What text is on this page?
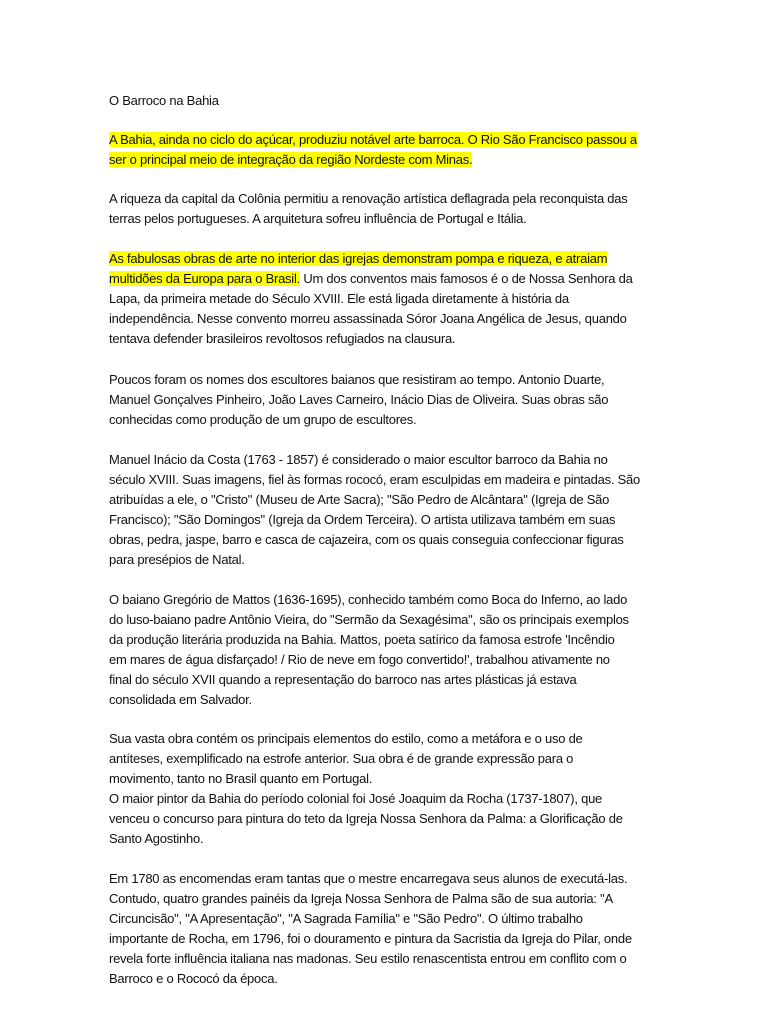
O Barroco na Bahia
A Bahia, ainda no ciclo do açúcar, produziu notável arte barroca. O Rio São Francisco passou a
ser o principal meio de integração da região Nordeste com Minas.
A riqueza da capital da Colônia permitiu a renovação artística deflagrada pela reconquista das
terras pelos portugueses. A arquitetura sofreu influência de Portugal e Itália.
As fabulosas obras de arte no interior das igrejas demonstram pompa e riqueza, e atraiam
multidões da Europa para o Brasil. Um dos conventos mais famosos é o de Nossa Senhora da
Lapa, da primeira metade do Século XVIII. Ele está ligada diretamente à história da
independência. Nesse convento morreu assassinada Sóror Joana Angélica de Jesus, quando
tentava defender brasileiros revoltosos refugiados na clausura.
Poucos foram os nomes dos escultores baianos que resistiram ao tempo. Antonio Duarte,
Manuel Gonçalves Pinheiro, João Laves Carneiro, Inácio Dias de Oliveira. Suas obras são
conhecidas como produção de um grupo de escultores.
Manuel Inácio da Costa (1763 - 1857) é considerado o maior escultor barroco da Bahia no
século XVIII. Suas imagens, fiel às formas rococó, eram esculpidas em madeira e pintadas. São
atribuídas a ele, o "Cristo" (Museu de Arte Sacra); "São Pedro de Alcântara" (Igreja de São
Francisco); "São Domingos" (Igreja da Ordem Terceira). O artista utilizava também em suas
obras, pedra, jaspe, barro e casca de cajazeira, com os quais conseguia confeccionar figuras
para presépios de Natal.
O baiano Gregório de Mattos (1636-1695), conhecido também como Boca do Inferno, ao lado
do luso-baiano padre Antônio Vieira, do "Sermão da Sexagésima", são os principais exemplos
da produção literária produzida na Bahia. Mattos, poeta satírico da famosa estrofe 'Incêndio
em mares de água disfarçado! / Rio de neve em fogo convertido!', trabalhou ativamente no
final do século XVII quando a representação do barroco nas artes plásticas já estava
consolidada em Salvador.
Sua vasta obra contém os principais elementos do estilo, como a metáfora e o uso de
antíteses, exemplificado na estrofe anterior. Sua obra é de grande expressão para o
movimento, tanto no Brasil quanto em Portugal.
O maior pintor da Bahia do período colonial foi José Joaquim da Rocha (1737-1807), que
venceu o concurso para pintura do teto da Igreja Nossa Senhora da Palma: a Glorificação de
Santo Agostinho.
Em 1780 as encomendas eram tantas que o mestre encarregava seus alunos de executá-las.
Contudo, quatro grandes painéis da Igreja Nossa Senhora de Palma são de sua autoria: "A
Circuncisão", "A Apresentação", "A Sagrada Família" e "São Pedro". O último trabalho
importante de Rocha, em 1796, foi o douramento e pintura da Sacristia da Igreja do Pilar, onde
revela forte influência italiana nas madonas. Seu estilo renascentista entrou em conflito com o
Barroco e o Rococó da época.
